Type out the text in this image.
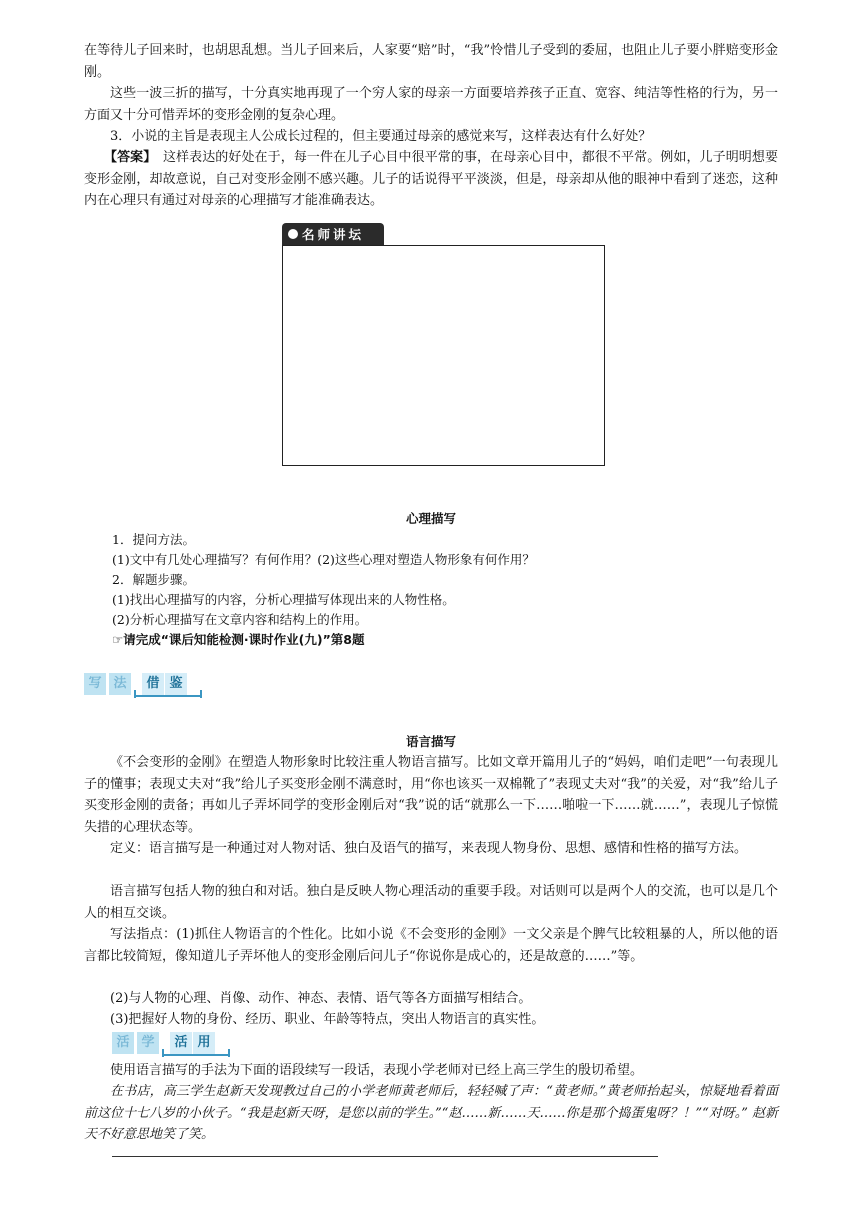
在等待儿子回来时，也胡思乱想。当儿子回来后，人家要“赔”时，“我”怜惜儿子受到的委屈，也阻止儿子要小胖赔变形金刚。

这些一波三折的描写，十分真实地再现了一个穷人家的母亲一方面要培养孩子正直、宽容、纯洁等性格的行为，另一方面又十分可惜弄坏的变形金刚的复杂心理。

3．小说的主旨是表现主人公成长过程的，但主要通过母亲的感觉来写，这样表达有什么好处？

【答案】　这样表达的好处在于，每一件在儿子心目中很平常的事，在母亲心目中，都很不平常。例如，儿子明明想要变形金刚，却故意说，自己对变形金刚不感兴趣。儿子的话说得平平淡淡，但是，母亲却从他的眼神中看到了迷恋，这种内在心理只有通过对母亲的心理描写才能准确表达。

名师讲坛

心理描写

1．提问方法。

(1)文中有几处心理描写？有何作用？(2)这些心理对塑造人物形象有何作用？

2．解题步骤。

(1)找出心理描写的内容，分析心理描写体现出来的人物性格。

(2)分析心理描写在文章内容和结构上的作用。

☞请完成“课后知能检测·课时作业(九)”第8题

写 法	借 鉴

语言描写

《不会变形的金刚》在塑造人物形象时比较注重人物语言描写。比如文章开篇用儿子的“妈妈，咱们走吧”一句表现儿子的懂事；表现丈夫对“我”给儿子买变形金刚不满意时，用“你也该买一双棉靴了”表现丈夫对“我”的关爱，对“我”给儿子买变形金刚的责备；再如儿子弄坏同学的变形金刚后对“我”说的话“就那么一下……啪啦一下……就……”，表现儿子惊慌失措的心理状态等。

定义：语言描写是一种通过对人物对话、独白及语气的描写，来表现人物身份、思想、感情和性格的描写方法。

语言描写包括人物的独白和对话。独白是反映人物心理活动的重要手段。对话则可以是两个人的交流，也可以是几个人的相互交谈。

写法指点：(1)抓住人物语言的个性化。比如小说《不会变形的金刚》一文父亲是个脾气比较粗暴的人，所以他的语言都比较简短，像知道儿子弄坏他人的变形金刚后问儿子“你说你是成心的，还是故意的……”等。

(2)与人物的心理、肖像、动作、神态、表情、语气等各方面描写相结合。

(3)把握好人物的身份、经历、职业、年龄等特点，突出人物语言的真实性。

活 学	活 用

使用语言描写的手法为下面的语段续写一段话，表现小学老师对已经上高三学生的殷切希望。

在书店，高三学生赵新天发现教过自己的小学老师黄老师后，轻轻喊了声：“黄老师。”黄老师抬起头，惊疑地看着面前这位十七八岁的小伙子。“我是赵新天呀，是您以前的学生。”“赵……新……天……你是那个捣蛋鬼呀？！”“对呀。” 赵新天不好意思地笑了笑。
